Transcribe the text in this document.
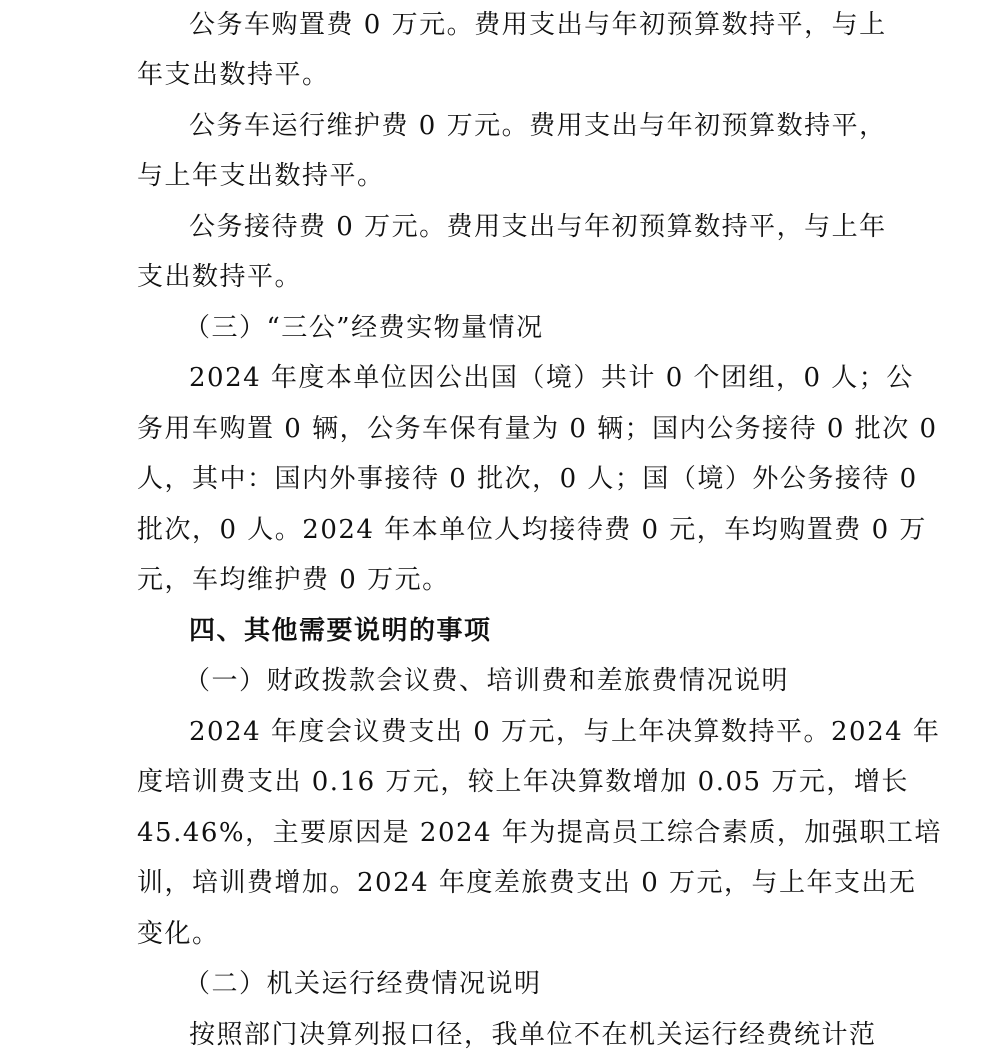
公务车购置费 0 万元。费用支出与年初预算数持平，与上
年支出数持平。
公务车运行维护费 0 万元。费用支出与年初预算数持平，
与上年支出数持平。
公务接待费 0 万元。费用支出与年初预算数持平，与上年
支出数持平。
（三）“三公”经费实物量情况
2024 年度本单位因公出国（境）共计 0 个团组，0 人；公
务用车购置 0 辆，公务车保有量为 0 辆；国内公务接待 0 批次 0
人，其中：国内外事接待 0 批次，0 人；国（境）外公务接待 0
批次，0 人。2024 年本单位人均接待费 0 元，车均购置费 0 万
元，车均维护费 0 万元。
四、其他需要说明的事项
（一）财政拨款会议费、培训费和差旅费情况说明
2024 年度会议费支出 0 万元，与上年决算数持平。2024 年
度培训费支出 0.16 万元，较上年决算数增加 0.05 万元，增长
45.46%，主要原因是 2024 年为提高员工综合素质，加强职工培
训，培训费增加。2024 年度差旅费支出 0 万元，与上年支出无
变化。
（二）机关运行经费情况说明
按照部门决算列报口径，我单位不在机关运行经费统计范
